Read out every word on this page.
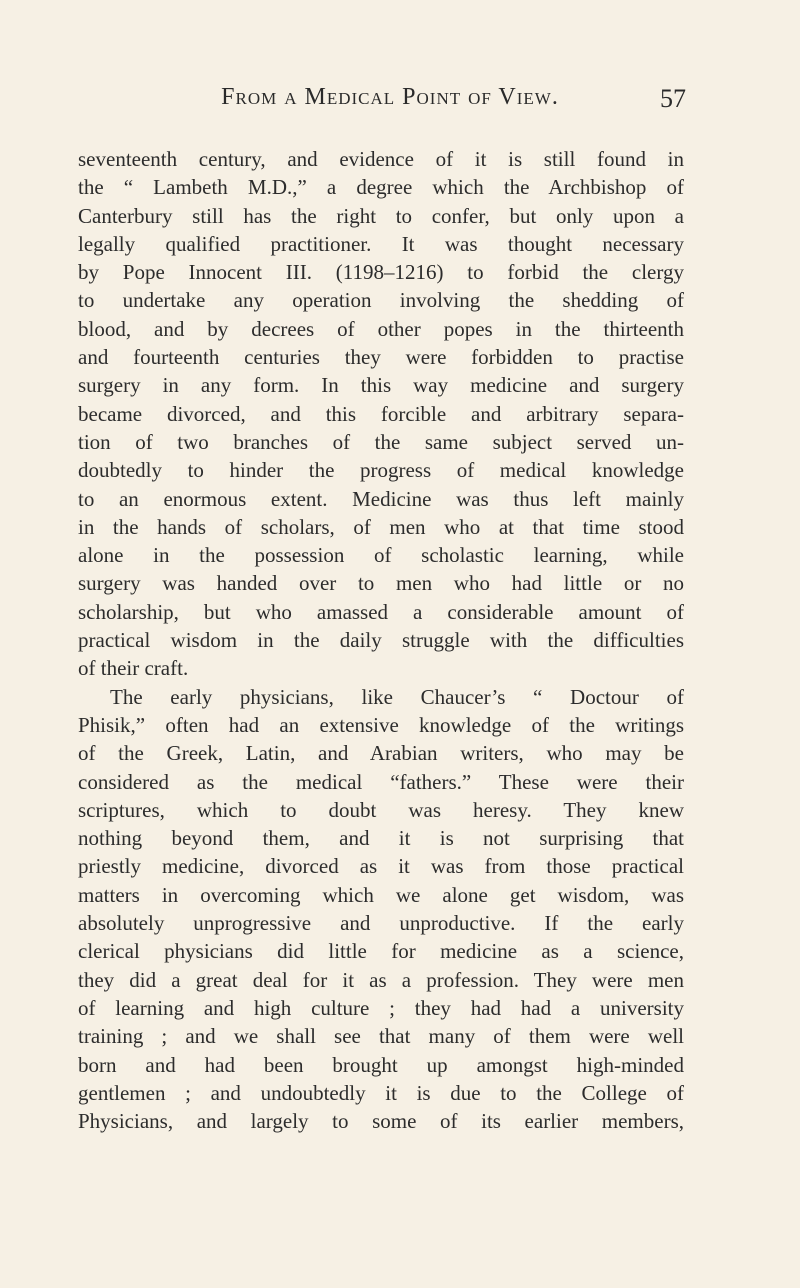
From a Medical Point of View.	57
seventeenth century, and evidence of it is still found in
the “ Lambeth M.D.,” a degree which the Archbishop of
Canterbury still has the right to confer, but only upon a
legally qualified practitioner. It was thought necessary
by Pope Innocent III. (1198–1216) to forbid the clergy
to undertake any operation involving the shedding of
blood, and by decrees of other popes in the thirteenth
and fourteenth centuries they were forbidden to practise
surgery in any form. In this way medicine and surgery
became divorced, and this forcible and arbitrary separa-
tion of two branches of the same subject served un-
doubtedly to hinder the progress of medical knowledge
to an enormous extent. Medicine was thus left mainly
in the hands of scholars, of men who at that time stood
alone in the possession of scholastic learning, while
surgery was handed over to men who had little or no
scholarship, but who amassed a considerable amount of
practical wisdom in the daily struggle with the difficulties
of their craft.
The early physicians, like Chaucer’s “ Doctour of
Phisik,” often had an extensive knowledge of the writings
of the Greek, Latin, and Arabian writers, who may be
considered as the medical “fathers.” These were their
scriptures, which to doubt was heresy. They knew
nothing beyond them, and it is not surprising that
priestly medicine, divorced as it was from those practical
matters in overcoming which we alone get wisdom, was
absolutely unprogressive and unproductive. If the early
clerical physicians did little for medicine as a science,
they did a great deal for it as a profession. They were men
of learning and high culture ; they had had a university
training ; and we shall see that many of them were well
born and had been brought up amongst high-minded
gentlemen ; and undoubtedly it is due to the College of
Physicians, and largely to some of its earlier members,
